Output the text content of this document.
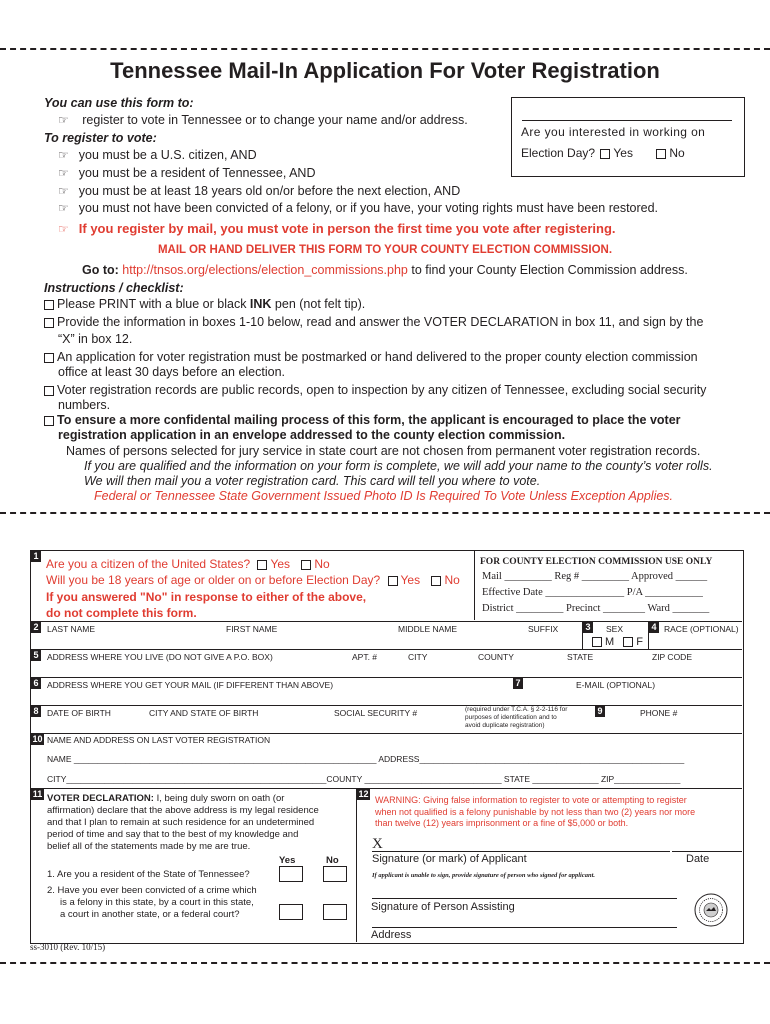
Tennessee Mail-In Application For Voter Registration
You can use this form to:
☞ register to vote in Tennessee or to change your name and/or address.
To register to vote:
☞ you must be a U.S. citizen, AND
☞ you must be a resident of Tennessee, AND
☞ you must be at least 18 years old on/or before the next election, AND
☞ you must not have been convicted of a felony, or if you have, your voting rights must have been restored.
☞ If you register by mail, you must vote in person the first time you vote after registering.
MAIL OR HAND DELIVER THIS FORM TO YOUR COUNTY ELECTION COMMISSION.
Go to: http://tnsos.org/elections/election_commissions.php to find your County Election Commission address.
Are you interested in working on
Election Day? Yes	No
Instructions / checklist:
Please PRINT with a blue or black INK pen (not felt tip).
Provide the information in boxes 1-10 below, read and answer the VOTER DECLARATION in box 11, and sign by the
“X” in box 12.
An application for voter registration must be postmarked or hand delivered to the proper county election commission
office at least 30 days before an election.
Voter registration records are public records, open to inspection by any citizen of Tennessee, excluding social security
numbers.
To ensure a more confidental mailing process of this form, the applicant is encouraged to place the voter
registration application in an envelope addressed to the county election commission.
Names of persons selected for jury service in state court are not chosen from permanent voter registration records.
If you are qualified and the information on your form is complete, we will add your name to the county’s voter rolls.
We will then mail you a voter registration card. This card will tell you where to vote.
Federal or Tennessee State Government Issued Photo ID Is Required To Vote Unless Exception Applies.
1
Are you a citizen of the United States? Yes No
Will you be 18 years of age or older on or before Election Day? Yes No
If you answered "No" in response to either of the above,
do not complete this form.
FOR COUNTY ELECTION COMMISSION USE ONLY
Mail _________ Reg # _________ Approved ______
Effective Date _______________ P/A ___________
District _________ Precinct ________ Ward _______
2 LAST NAME	FIRST NAME	MIDDLE NAME	SUFFIX	3 SEX
M F
4 RACE (OPTIONAL)
5 ADDRESS WHERE YOU LIVE (DO NOT GIVE A P.O. BOX)	APT. #	CITY	COUNTY	STATE	ZIP CODE
6 ADDRESS WHERE YOU GET YOUR MAIL (IF DIFFERENT THAN ABOVE)	7	E-MAIL (OPTIONAL)
8 DATE OF BIRTH	CITY AND STATE OF BIRTH	SOCIAL SECURITY #	(required under T.C.A. § 2-2-116 for
purposes of identification and to
avoid duplicate registration)
9	PHONE #
10 NAME AND ADDRESS ON LAST VOTER REGISTRATION
NAME ________________________________________________________________ ADDRESS________________________________________________________
CITY_______________________________________________________COUNTY _____________________________ STATE ______________ ZIP______________
11 VOTER DECLARATION: I, being duly sworn on oath (or
affirmation) declare that the above address is my legal residence
and that I plan to remain at such residence for an undetermined
period of time and say that to the best of my knowledge and
belief all of the statements made by me are true.
Yes	No
1. Are you a resident of the State of Tennessee?
2. Have you ever been convicted of a crime which
is a felony in this state, by a court in this state,
a court in another state, or a federal court?
12
WARNING: Giving false information to register to vote or attempting to register
when not qualified is a felony punishable by not less than two (2) years nor more
than twelve (12) years imprisonment or a fine of $5,000 or both.
X
Signature (or mark) of Applicant	Date
If applicant is unable to sign, provide signature of person who signed for applicant.
Signature of Person Assisting
Address
ss-3010 (Rev. 10/15)
